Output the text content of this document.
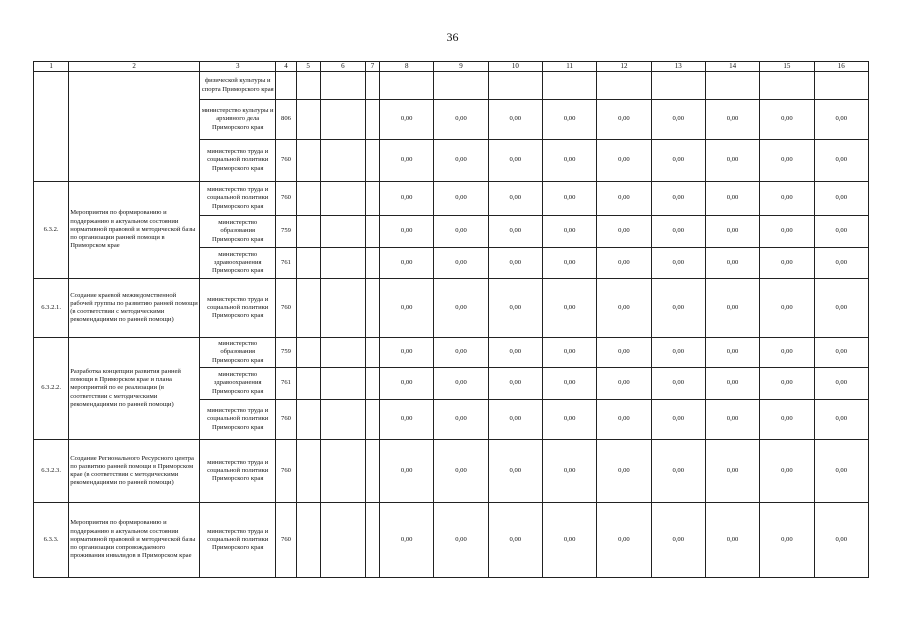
36
1	2	3	4	5	6	7	8	9	10	11	12	13	14	15	16
		физической культуры и спорта Приморского края													
		министерство культуры и архивного дела Приморского края	806				0,00	0,00	0,00	0,00	0,00	0,00	0,00	0,00	0,00
		министерство труда и социальной политики Приморского края	760				0,00	0,00	0,00	0,00	0,00	0,00	0,00	0,00	0,00
6.3.2.	Мероприятия по формированию и поддержанию в актуальном состоянии нормативной правовой и методической базы по организации ранней помощи в Приморском крае	министерство труда и социальной политики Приморского края	760				0,00	0,00	0,00	0,00	0,00	0,00	0,00	0,00	0,00
		министерство образования Приморского края	759				0,00	0,00	0,00	0,00	0,00	0,00	0,00	0,00	0,00
		министерство здравоохранения Приморского края	761				0,00	0,00	0,00	0,00	0,00	0,00	0,00	0,00	0,00
6.3.2.1.	Создание краевой межведомственной рабочей группы по развитию ранней помощи (в соответствии с методическими рекомендациями по ранней помощи)	министерство труда и социальной политики Приморского края	760				0,00	0,00	0,00	0,00	0,00	0,00	0,00	0,00	0,00
6.3.2.2.	Разработка концепции развития ранней помощи в Приморском крае и плана мероприятий по ее реализации (в соответствии с методическими рекомендациями по ранней помощи)	министерство образования Приморского края	759				0,00	0,00	0,00	0,00	0,00	0,00	0,00	0,00	0,00
		министерство здравоохранения Приморского края	761				0,00	0,00	0,00	0,00	0,00	0,00	0,00	0,00	0,00
		министерство труда и социальной политики Приморского края	760				0,00	0,00	0,00	0,00	0,00	0,00	0,00	0,00	0,00
6.3.2.3.	Создание Регионального Ресурсного центра по развитию ранней помощи в Приморском крае (в соответствии с методическими рекомендациями по ранней помощи)	министерство труда и социальной политики Приморского края	760				0,00	0,00	0,00	0,00	0,00	0,00	0,00	0,00	0,00
6.3.3.	Мероприятия по формированию и поддержанию в актуальном состоянии нормативной правовой и методической базы по организации сопровождаемого проживания инвалидов в Приморском крае	министерство труда и социальной политики Приморского края	760				0,00	0,00	0,00	0,00	0,00	0,00	0,00	0,00	0,00
